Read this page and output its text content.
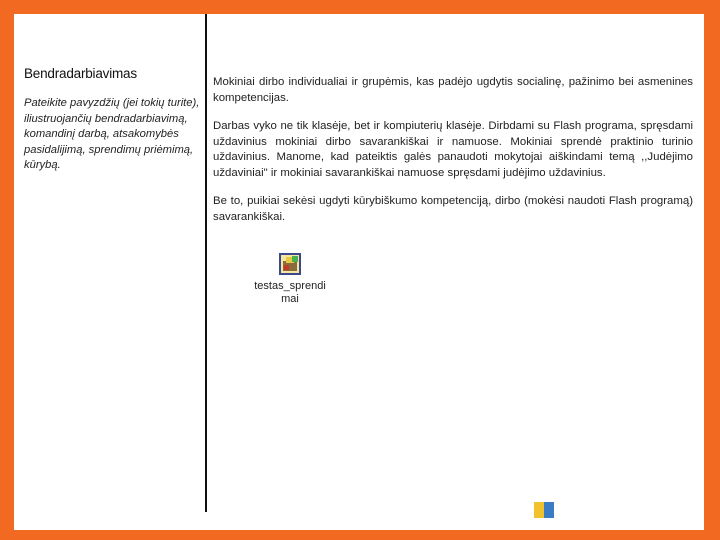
Bendradarbiavimas
Pateikite pavyzdžių (jei tokių turite), iliustruojančių bendradarbiavimą, komandinį darbą, atsakomybės pasidalijimą, sprendimų priėmimą, kūrybą.

Mokiniai dirbo individualiai ir grupėmis, kas padėjo ugdytis socialinę, pažinimo bei asmenines kompetencijas.

Darbas vyko ne tik klasėje, bet ir kompiuterių klasėje. Dirbdami su Flash programa, spręsdami uždavinius mokiniai dirbo savarankiškai ir namuose. Mokiniai sprendė praktinio turinio uždavinius. Manome, kad pateiktis galės panaudoti mokytojai aiškindami temą ,,Judėjimo uždaviniai" ir mokiniai savarankiškai namuose spręsdami judėjimo uždavinius.

Be to, puikiai sekėsi ugdyti kūrybiškumo kompetenciją, dirbo (mokėsi naudoti Flash programą) savarankiškai.

testas_sprendimai
